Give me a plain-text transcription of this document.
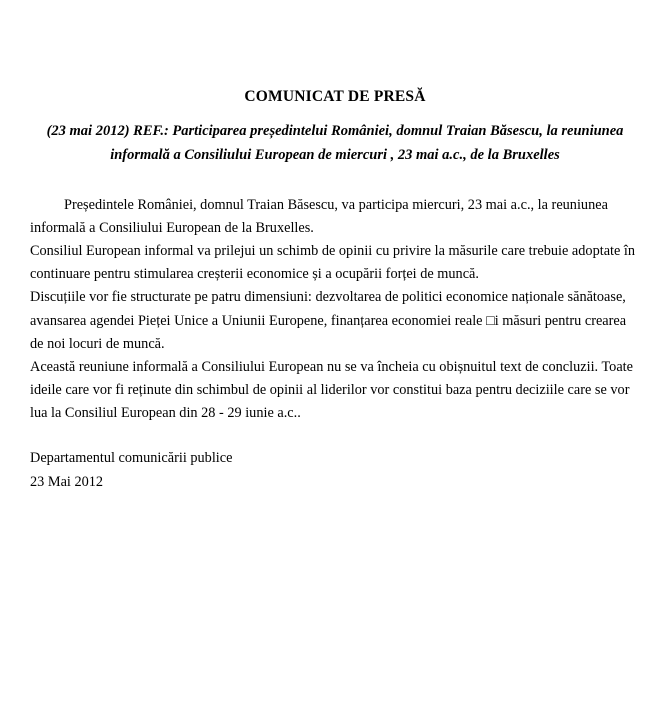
COMUNICAT DE PRESĂ

(23 mai 2012) REF.: Participarea președintelui României, domnul Traian Băsescu, la reuniunea informală a Consiliului European de miercuri , 23 mai a.c., de la Bruxelles

Președintele României, domnul Traian Băsescu, va participa miercuri, 23 mai a.c., la reuniunea informală a Consiliului European de la Bruxelles.

Consiliul European informal va prilejui un schimb de opinii cu privire la măsurile care trebuie adoptate în continuare pentru stimularea creșterii economice și a ocupării forței de muncă.

Discuțiile vor fie structurate pe patru dimensiuni: dezvoltarea de politici economice naționale sănătoase, avansarea agendei Pieței Unice a Uniunii Europene, finanțarea economiei reale □i măsuri pentru crearea de noi locuri de muncă.

Această reuniune informală a Consiliului European nu se va încheia cu obișnuitul text de concluzii. Toate ideile care vor fi reținute din schimbul de opinii al liderilor vor constitui baza pentru deciziile care se vor lua la Consiliul European din 28 - 29 iunie a.c..

Departamentul comunicării publice
23 Mai 2012
